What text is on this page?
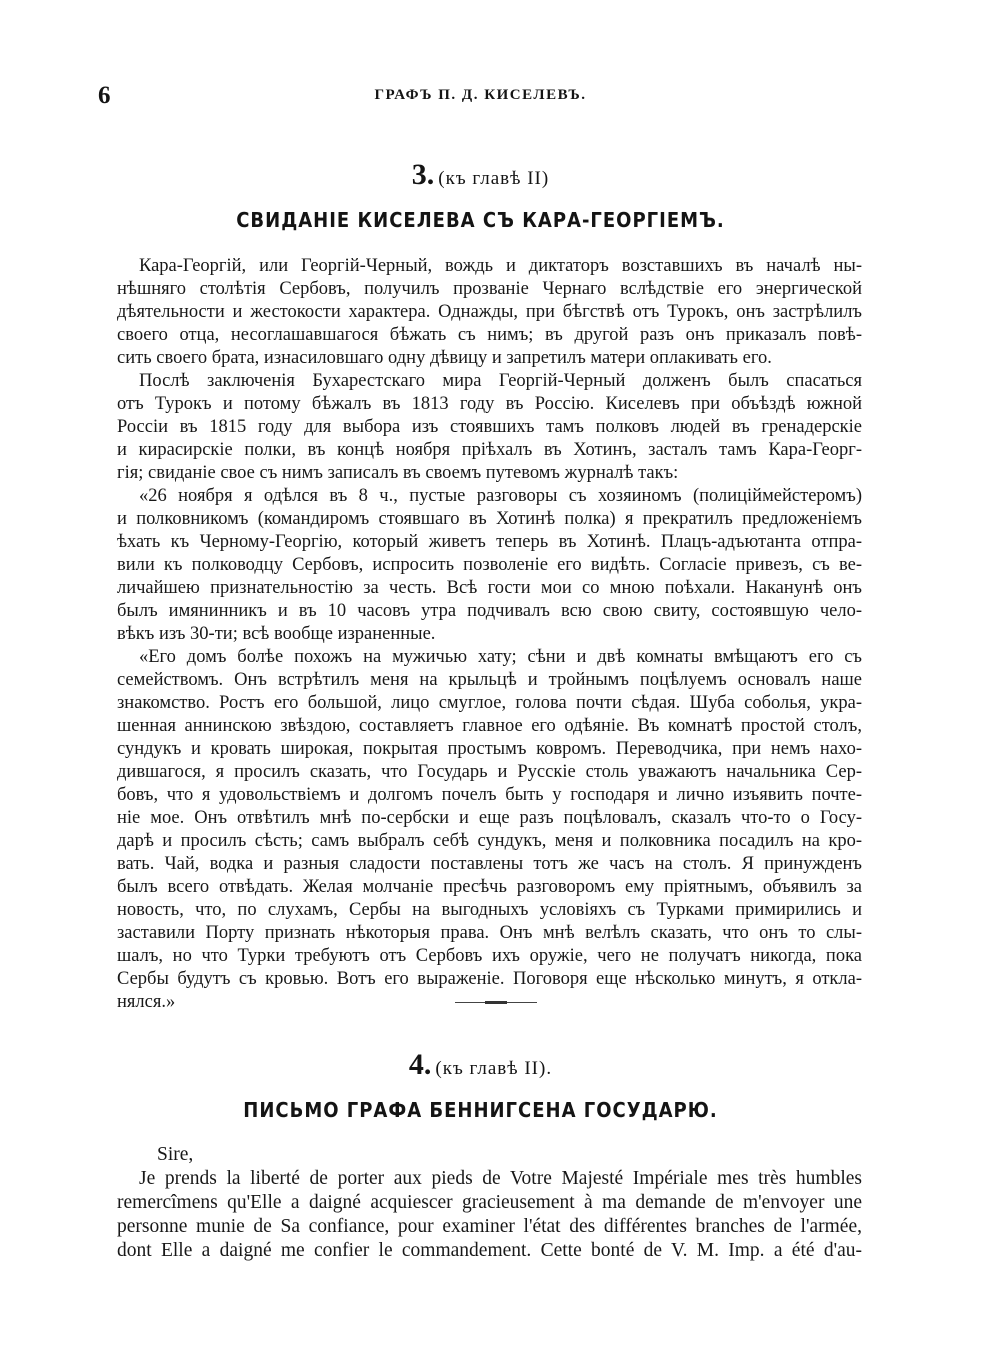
6	ГРАФЪ П. Д. КИСЕЛЕВЪ.
3. (къ главѣ II)
СВИДАНІЕ КИСЕЛЕВА СЪ КАРА-ГЕОРГІЕМЪ.
Кара-Георгій, или Георгій-Черный, вождь и диктаторъ возставшихъ въ началѣ ны-
нѣшняго столѣтія Сербовъ, получилъ прозваніе Чернаго вслѣдствіе его энергической
дѣятельности и жестокости характера. Однажды, при бѣгствѣ отъ Турокъ, онъ застрѣлилъ
своего отца, несоглашавшагося бѣжать съ нимъ; въ другой разъ онъ приказалъ повѣ-
сить своего брата, изнасиловшаго одну дѣвицу и запретилъ матери оплакивать его.
Послѣ заключенія Бухарестскаго мира Георгій-Черный долженъ былъ спасаться
отъ Турокъ и потому бѣжалъ въ 1813 году въ Россію. Киселевъ при объѣздѣ южной
Россіи въ 1815 году для выбора изъ стоявшихъ тамъ полковъ людей въ гренадерскіе
и кирасирскіе полки, въ концѣ ноября пріѣхалъ въ Хотинъ, засталъ тамъ Кара-Георг-
гія; свиданіе свое съ нимъ записалъ въ своемъ путевомъ журналѣ такъ:
«26 ноября я одѣлся въ 8 ч., пустые разговоры съ хозяиномъ (полиціймейстеромъ)
и полковникомъ (командиромъ стоявшаго въ Хотинѣ полка) я прекратилъ предложеніемъ
ѣхать къ Черному-Георгію, который живетъ теперь въ Хотинѣ. Плацъ-адъютанта отпра-
вили къ полководцу Сербовъ, испросить позволеніе его видѣть. Согласіе привезъ, съ ве-
личайшею признательностію за честь. Всѣ гости мои со мною поѣхали. Наканунѣ онъ
былъ имянинникъ и въ 10 часовъ утра подчивалъ всю свою свиту, состоявшую чело-
вѣкъ изъ 30-ти; всѣ вообще израненные.
«Его домъ болѣе похожъ на мужичью хату; сѣни и двѣ комнаты вмѣщаютъ его съ
семействомъ. Онъ встрѣтилъ меня на крыльцѣ и тройнымъ поцѣлуемъ основалъ наше
знакомство. Ростъ его большой, лицо смуглое, голова почти сѣдая. Шуба соболья, укра-
шенная аннинскою звѣздою, составляетъ главное его одѣяніе. Въ комнатѣ простой столъ,
сундукъ и кровать широкая, покрытая простымъ ковромъ. Переводчика, при немъ нахо-
дившагося, я просилъ сказать, что Государь и Русскіе столь уважаютъ начальника Сер-
бовъ, что я удовольствіемъ и долгомъ почелъ быть у господаря и лично изъявить почте-
ніе мое. Онъ отвѣтилъ мнѣ по-сербски и еще разъ поцѣловалъ, сказалъ что-то о Госу-
дарѣ и просилъ сѣсть; самъ выбралъ себѣ сундукъ, меня и полковника посадилъ на кро-
вать. Чай, водка и разныя сладости поставлены тотъ же часъ на столъ. Я принужденъ
былъ всего отвѣдать. Желая молчаніе пресѣчь разговоромъ ему пріятнымъ, объявилъ за
новость, что, по слухамъ, Сербы на выгодныхъ условіяхъ съ Турками примирились и
заставили Порту признать нѣкоторыя права. Онъ мнѣ велѣлъ сказать, что онъ то слы-
шалъ, но что Турки требуютъ отъ Сербовъ ихъ оружіе, чего не получатъ никогда, пока
Сербы будутъ съ кровью. Вотъ его выраженіе. Поговоря еще нѣсколько минутъ, я откла-
нялся.»
4. (къ главѣ II).
ПИСЬМО ГРАФА БЕННИГСЕНА ГОСУДАРЮ.
Sire,
Je prends la liberté de porter aux pieds de Votre Majesté Impériale mes très humbles
remercîmens qu'Elle a daigné acquiescer gracieusement à ma demande de m'envoyer une
personne munie de Sa confiance, pour examiner l'état des différentes branches de l'armée,
dont Elle a daigné me confier le commandement. Cette bonté de V. M. Imp. a été d'au-
